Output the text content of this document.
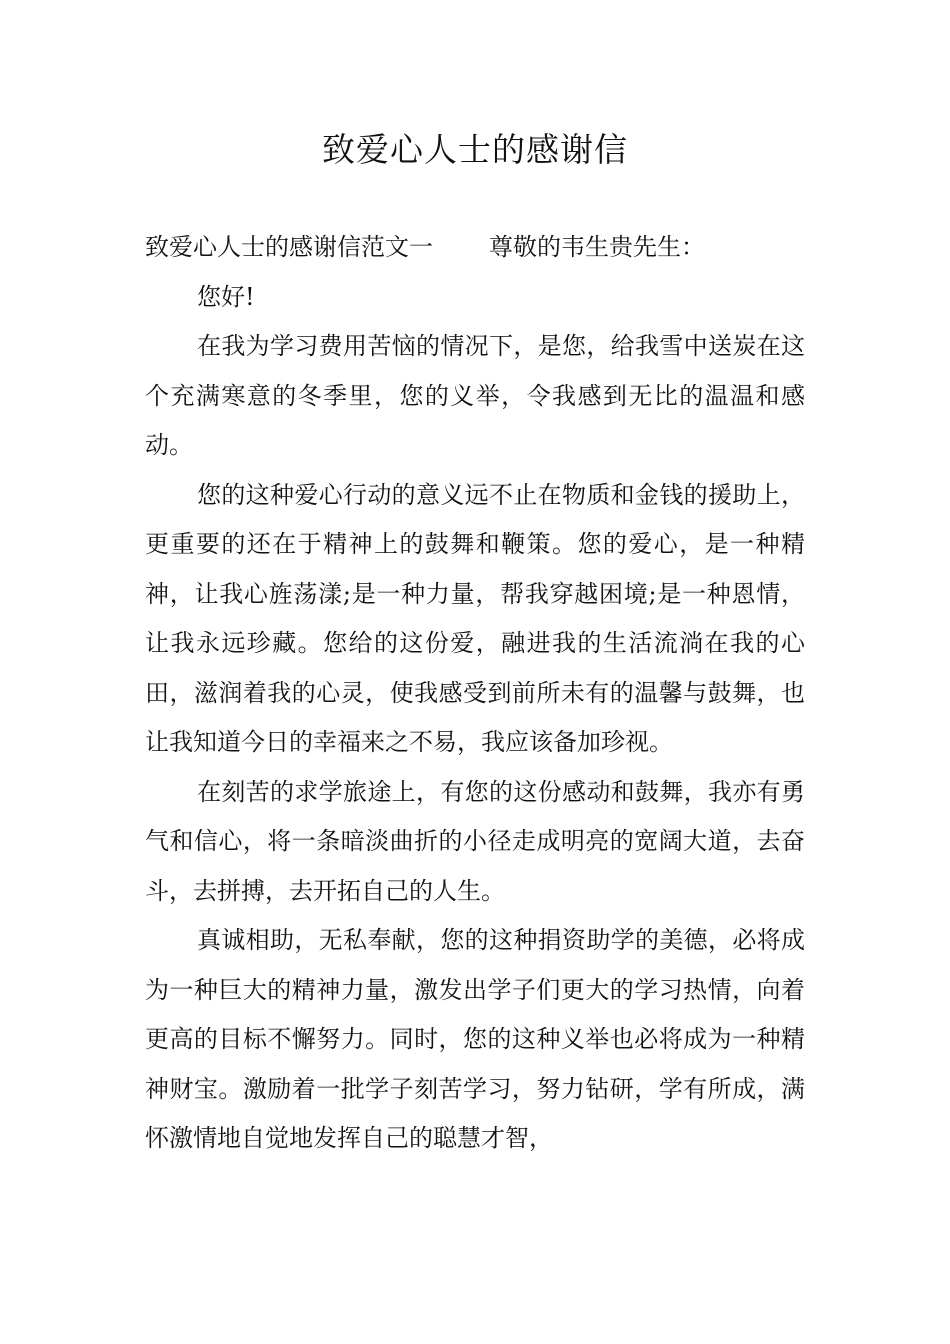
致爱心人士的感谢信

致爱心人士的感谢信范文一 尊敬的韦生贵先生：

您好!

在我为学习费用苦恼的情况下，是您，给我雪中送炭在这个充满寒意的冬季里，您的义举，令我感到无比的温温和感动。

您的这种爱心行动的意义远不止在物质和金钱的援助上，更重要的还在于精神上的鼓舞和鞭策。您的爱心，是一种精神，让我心旌荡漾;是一种力量，帮我穿越困境;是一种恩情，让我永远珍藏。您给的这份爱，融进我的生活流淌在我的心田，滋润着我的心灵，使我感受到前所未有的温馨与鼓舞，也让我知道今日的幸福来之不易，我应该备加珍视。

在刻苦的求学旅途上，有您的这份感动和鼓舞，我亦有勇气和信心，将一条暗淡曲折的小径走成明亮的宽阔大道，去奋斗，去拼搏，去开拓自己的人生。

真诚相助，无私奉献，您的这种捐资助学的美德，必将成为一种巨大的精神力量，激发出学子们更大的学习热情，向着更高的目标不懈努力。同时，您的这种义举也必将成为一种精神财宝。激励着一批学子刻苦学习，努力钻研，学有所成，满怀激情地自觉地发挥自己的聪慧才智，
